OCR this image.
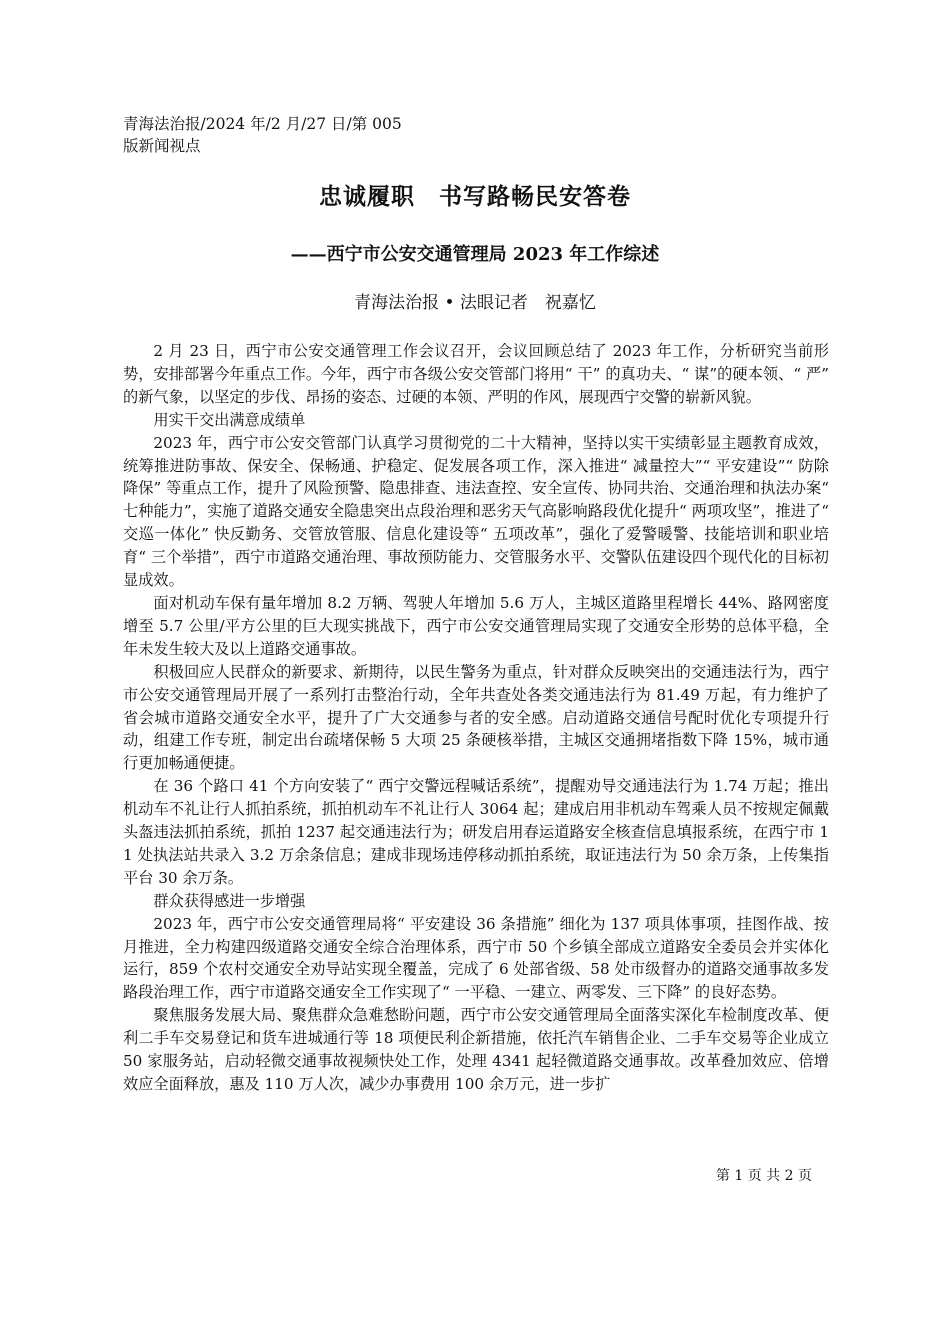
青海法治报/2024 年/2 月/27 日/第 005
版新闻视点
忠诚履职　书写路畅民安答卷
——西宁市公安交通管理局 2023 年工作综述
青海法治报 • 法眼记者　祝嘉忆

2 月 23 日，西宁市公安交通管理工作会议召开，会议回顾总结了 2023 年工作，分析研究当前形势，安排部署今年重点工作。今年，西宁市各级公安交管部门将用“ 干” 的真功夫、“ 谋”的硬本领、“ 严” 的新气象，以坚定的步伐、昂扬的姿态、过硬的本领、严明的作风，展现西宁交警的崭新风貌。

用实干交出满意成绩单

2023 年，西宁市公安交管部门认真学习贯彻党的二十大精神，坚持以实干实绩彰显主题教育成效，统筹推进防事故、保安全、保畅通、护稳定、促发展各项工作，深入推进“ 减量控大”“ 平安建设”“ 防除降保” 等重点工作，提升了风险预警、隐患排查、违法查控、安全宣传、协同共治、交通治理和执法办案“ 七种能力”，实施了道路交通安全隐患突出点段治理和恶劣天气高影响路段优化提升“ 两项攻坚”，推进了“ 交巡一体化” 快反勤务、交管放管服、信息化建设等“ 五项改革”，强化了爱警暖警、技能培训和职业培育“ 三个举措”，西宁市道路交通治理、事故预防能力、交管服务水平、交警队伍建设四个现代化的目标初显成效。

面对机动车保有量年增加 8.2 万辆、驾驶人年增加 5.6 万人，主城区道路里程增长 44%、路网密度增至 5.7 公里/平方公里的巨大现实挑战下，西宁市公安交通管理局实现了交通安全形势的总体平稳，全年未发生较大及以上道路交通事故。

积极回应人民群众的新要求、新期待，以民生警务为重点，针对群众反映突出的交通违法行为，西宁市公安交通管理局开展了一系列打击整治行动，全年共查处各类交通违法行为 81.49 万起，有力维护了省会城市道路交通安全水平，提升了广大交通参与者的安全感。启动道路交通信号配时优化专项提升行动，组建工作专班，制定出台疏堵保畅 5 大项 25 条硬核举措，主城区交通拥堵指数下降 15%，城市通行更加畅通便捷。

在 36 个路口 41 个方向安装了“ 西宁交警远程喊话系统”，提醒劝导交通违法行为 1.74 万起；推出机动车不礼让行人抓拍系统，抓拍机动车不礼让行人 3064 起；建成启用非机动车驾乘人员不按规定佩戴头盔违法抓拍系统，抓拍 1237 起交通违法行为；研发启用春运道路安全核查信息填报系统，在西宁市 11 处执法站共录入 3.2 万余条信息；建成非现场违停移动抓拍系统，取证违法行为 50 余万条，上传集指平台 30 余万条。

群众获得感进一步增强

2023 年，西宁市公安交通管理局将“ 平安建设 36 条措施” 细化为 137 项具体事项，挂图作战、按月推进，全力构建四级道路交通安全综合治理体系，西宁市 50 个乡镇全部成立道路安全委员会并实体化运行，859 个农村交通安全劝导站实现全覆盖，完成了 6 处部省级、58 处市级督办的道路交通事故多发路段治理工作，西宁市道路交通安全工作实现了“ 一平稳、一建立、两零发、三下降” 的良好态势。

聚焦服务发展大局、聚焦群众急难愁盼问题，西宁市公安交通管理局全面落实深化车检制度改革、便利二手车交易登记和货车进城通行等 18 项便民利企新措施，依托汽车销售企业、二手车交易等企业成立 50 家服务站，启动轻微交通事故视频快处工作，处理 4341 起轻微道路交通事故。改革叠加效应、倍增效应全面释放，惠及 110 万人次，减少办事费用 100 余万元，进一步扩

第 1 页 共 2 页
